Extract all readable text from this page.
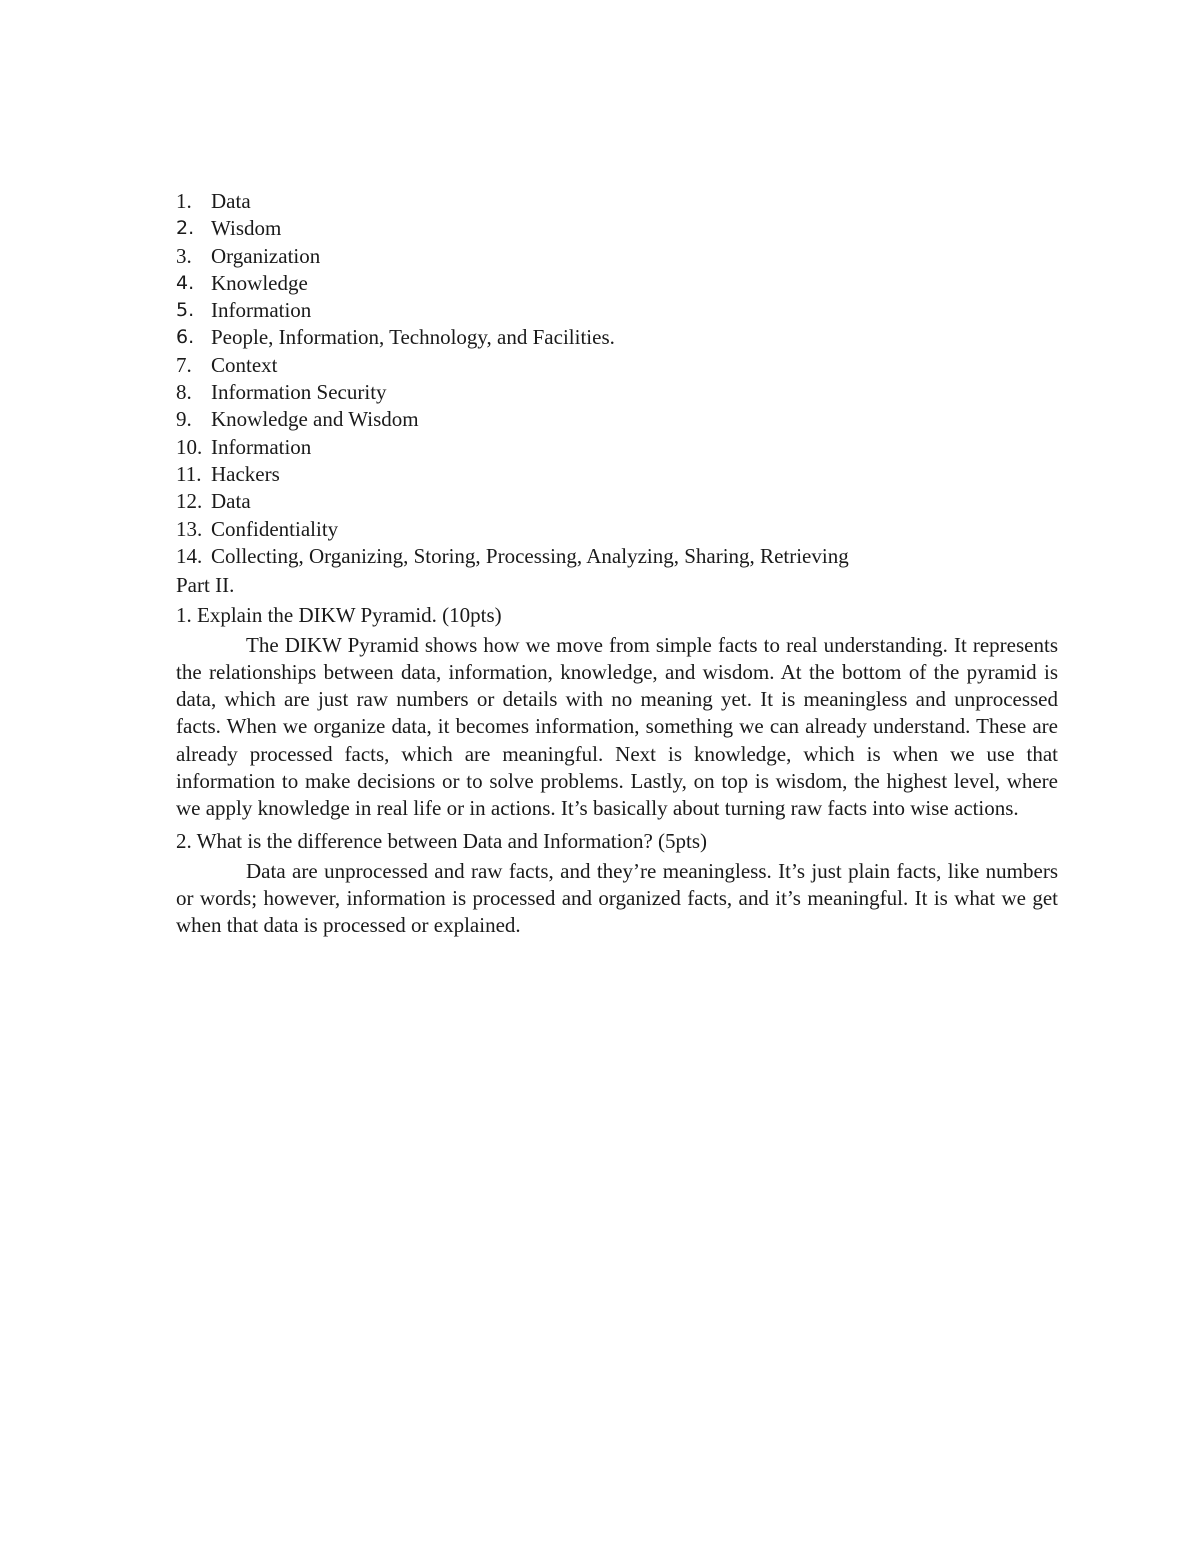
1. Data
2. Wisdom
3. Organization
4. Knowledge
5. Information
6. People, Information, Technology, and Facilities.
7. Context
8. Information Security
9. Knowledge and Wisdom
10. Information
11. Hackers
12. Data
13. Confidentiality
14. Collecting, Organizing, Storing, Processing, Analyzing, Sharing, Retrieving
Part II.

1. Explain the DIKW Pyramid. (10pts)

The DIKW Pyramid shows how we move from simple facts to real understanding. It represents the relationships between data, information, knowledge, and wisdom. At the bottom of the pyramid is data, which are just raw numbers or details with no meaning yet. It is meaningless and unprocessed facts. When we organize data, it becomes information, something we can already understand. These are already processed facts, which are meaningful. Next is knowledge, which is when we use that information to make decisions or to solve problems. Lastly, on top is wisdom, the highest level, where we apply knowledge in real life or in actions. It’s basically about turning raw facts into wise actions.

2. What is the difference between Data and Information? (5pts)

Data are unprocessed and raw facts, and they’re meaningless. It’s just plain facts, like numbers or words; however, information is processed and organized facts, and it’s meaningful. It is what we get when that data is processed or explained.
